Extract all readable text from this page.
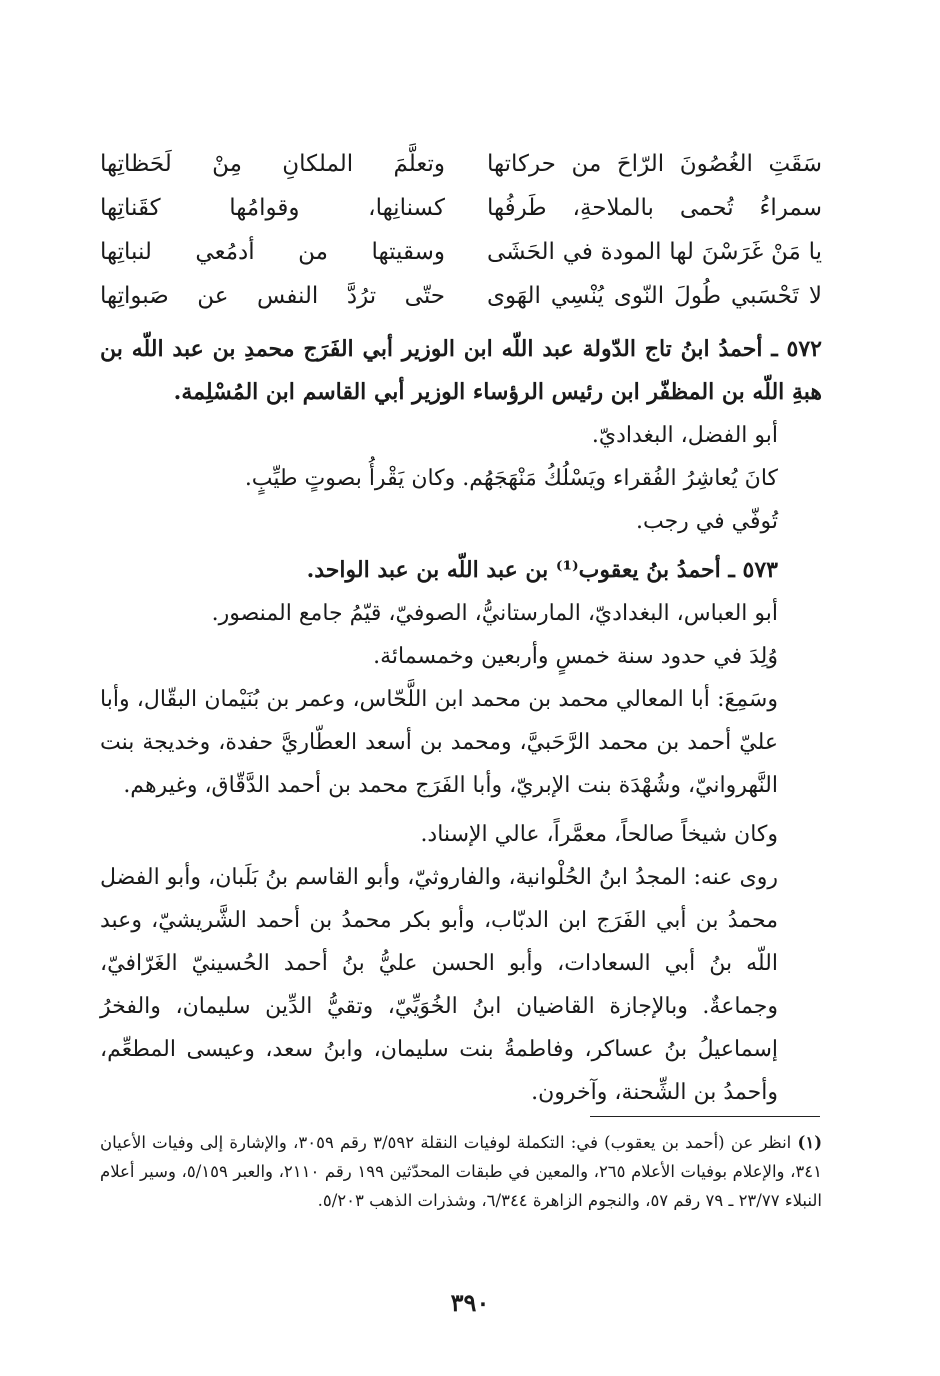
سَقَتِ الغُصُونَ الرّاحَ من حركاتها
وتعلَّمَ الملكانِ مِنْ لَحَظاتِها
سمراءُ تُحمى بالملاحةِ، طَرفُها
كسنانِها، وقوامُها كقَناتِها
يا مَنْ غَرَسْنَ لها المودة في الحَشَى
وسقيتها من أدمُعي لنباتِها
لا تَحْسَبي طُولَ النّوى يُنْسِي الهَوى
حتّى ترُدَّ النفس عن صَبواتِها

٥٧٢ ـ أحمدُ ابنُ تاج الدّولة عبد اللّه ابن الوزير أبي الفَرَج محمدِ بن عبد اللّه بن هبةِ اللّه بن المظفّر ابن رئيس الرؤساء الوزير أبي القاسم ابن المُسْلِمة.

أبو الفضل، البغداديّ.

كانَ يُعاشِرُ الفُقراء ويَسْلُكُ مَنْهَجَهُم. وكان يَقْرأُ بصوتٍ طيِّبٍ.

تُوفّي في رجب.

٥٧٣ ـ أحمدُ بنُ يعقوب⁽¹⁾ بن عبد اللّه بن عبد الواحد.

أبو العباس، البغداديّ، المارستانيُّ، الصوفيّ، قيّمُ جامع المنصور.

وُلِدَ في حدود سنة خمسٍ وأربعين وخمسمائة.

وسَمِعَ: أبا المعالي محمد بن محمد ابن اللَّحّاس، وعمر بن بُنَيْمان البقّال، وأبا عليّ أحمد بن محمد الرَّحَبيَّ، ومحمد بن أسعد العطّاريَّ حفدة، وخديجة بنت النَّهروانيّ، وشُهْدَة بنت الإبريّ، وأبا الفَرَج محمد بن أحمد الدَّقّاق، وغيرهم.

وكان شيخاً صالحاً، معمَّراً، عالي الإسناد.

روى عنه: المجدُ ابنُ الحُلْوانية، والفاروثيّ، وأبو القاسم بنُ بَلَبان، وأبو الفضل محمدُ بن أبي الفَرَج ابن الدبّاب، وأبو بكر محمدُ بن أحمد الشَّريشيّ، وعبد اللّه بنُ أبي السعادات، وأبو الحسن عليُّ بنُ أحمد الحُسينيّ الغَرّافيّ، وجماعةٌ. وبالإجازة القاضيان ابنُ الخُوَيِّيّ، وتقيُّ الدِّين سليمان، والفخرُ إسماعيلُ بنُ عساكر، وفاطمةُ بنت سليمان، وابنُ سعد، وعيسى المطعِّم، وأحمدُ بن الشِّحنة، وآخرون.

(١) انظر عن (أحمد بن يعقوب) في: التكملة لوفيات النقلة ٣/٥٩٢ رقم ٣٠٥٩، والإشارة إلى وفيات الأعيان ٣٤١، والإعلام بوفيات الأعلام ٢٦٥، والمعين في طبقات المحدّثين ١٩٩ رقم ٢١١٠، والعبر ٥/١٥٩، وسير أعلام النبلاء ٢٣/٧٧ ـ ٧٩ رقم ٥٧، والنجوم الزاهرة ٦/٣٤٤، وشذرات الذهب ٥/٢٠٣.
٣٩٠
